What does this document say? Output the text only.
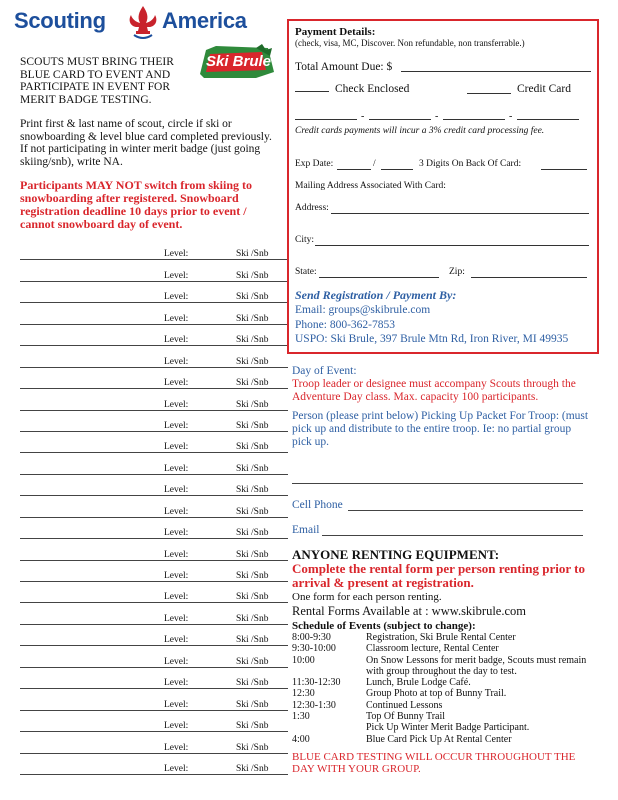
Scouting	America
Ski Brule
SCOUTS MUST BRING THEIR BLUE CARD TO EVENT AND PARTICIPATE IN EVENT FOR MERIT BADGE TESTING.
Print first & last name of scout, circle if ski or snowboarding & level blue card completed previously. If not participating in winter merit badge (just going skiing/snb), write NA.
Participants MAY NOT switch from skiing to snowboarding after registered. Snowboard registration deadline 10 days prior to event / cannot snowboard day of event.
Level:	Ski /Snb
Level:	Ski /Snb
Level:	Ski /Snb
Level:	Ski /Snb
Level:	Ski /Snb
Level:	Ski /Snb
Level:	Ski /Snb
Level:	Ski /Snb
Level:	Ski /Snb
Level:	Ski /Snb
Level:	Ski /Snb
Level:	Ski /Snb
Level:	Ski /Snb
Level:	Ski /Snb
Level:	Ski /Snb
Level:	Ski /Snb
Level:	Ski /Snb
Level:	Ski /Snb
Level:	Ski /Snb
Level:	Ski /Snb
Level:	Ski /Snb
Level:	Ski /Snb
Level:	Ski /Snb
Level:	Ski /Snb
Level:	Ski /Snb
Payment Details:
(check, visa, MC, Discover. Non refundable, non transferrable.)
Total Amount Due: $
Check Enclosed	Credit Card
-	-	-
Credit cards payments will incur a 3% credit card processing fee.
Exp Date:	/	3 Digits On Back Of Card:
Mailing Address Associated With Card:
Address:
City:
State:	Zip:
Send Registration / Payment By:
Email: groups@skibrule.com
Phone: 800-362-7853
USPO: Ski Brule, 397 Brule Mtn Rd, Iron River, MI 49935
Day of Event:
Troop leader or designee must accompany Scouts through the Adventure Day class. Max. capacity 100 participants.
Person (please print below) Picking Up Packet For Troop: (must pick up and distribute to the entire troop. Ie: no partial group pick up.
Cell Phone
Email
ANYONE RENTING EQUIPMENT:
Complete the rental form per person renting prior to arrival & present at registration.
One form for each person renting.
Rental Forms Available at : www.skibrule.com
Schedule of Events (subject to change):
8:00-9:30	Registration, Ski Brule Rental Center
9:30-10:00	Classroom lecture, Rental Center
10:00	On Snow Lessons for merit badge, Scouts must remain with group throughout the day to test.
11:30-12:30	Lunch, Brule Lodge Café.
12:30	Group Photo at top of Bunny Trail.
12:30-1:30	Continued Lessons
1:30	Top Of Bunny Trail
Pick Up Winter Merit Badge Participant.
4:00	Blue Card Pick Up At Rental Center
BLUE CARD TESTING WILL OCCUR THROUGHOUT THE DAY WITH YOUR GROUP.
